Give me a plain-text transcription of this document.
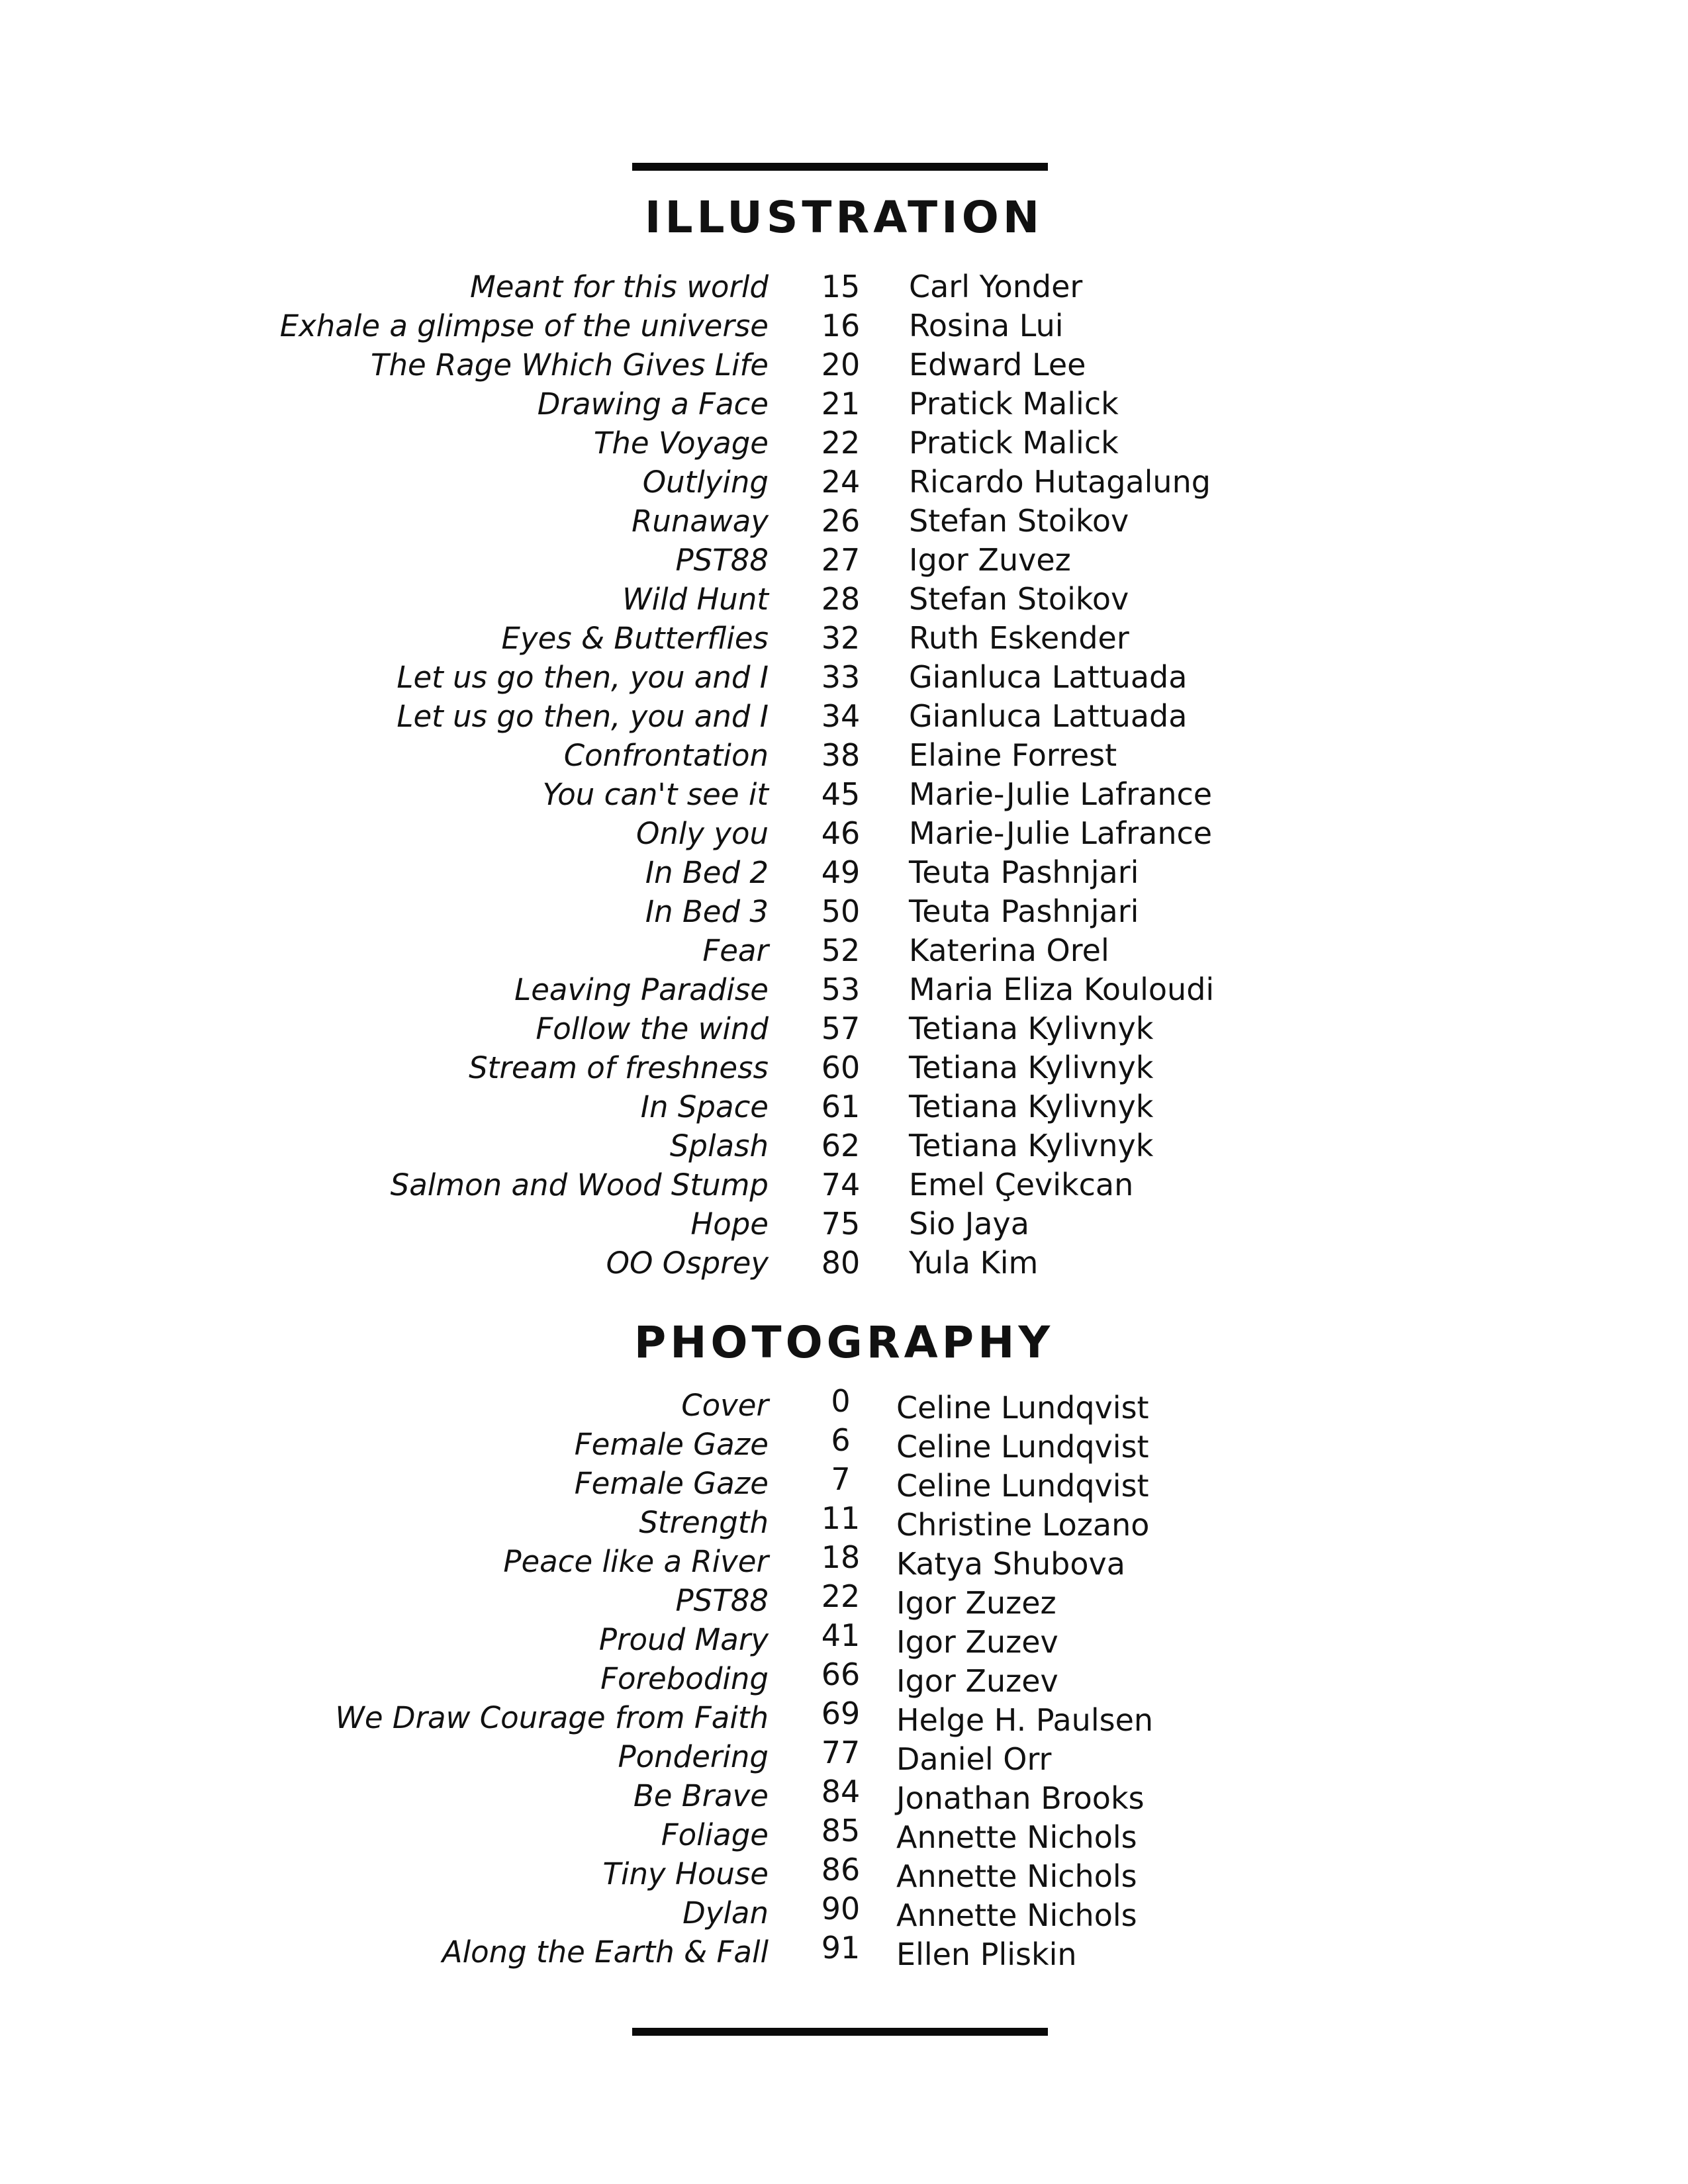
ILLUSTRATION
Meant for this world	15	Carl Yonder
Exhale a glimpse of the universe	16	Rosina Lui
The Rage Which Gives Life	20	Edward Lee
Drawing a Face	21	Pratick Malick
The Voyage	22	Pratick Malick
Outlying	24	Ricardo Hutagalung
Runaway	26	Stefan Stoikov
PST88	27	Igor Zuvez
Wild Hunt	28	Stefan Stoikov
Eyes & Butterflies	32	Ruth Eskender
Let us go then, you and I	33	Gianluca Lattuada
Let us go then, you and I	34	Gianluca Lattuada
Confrontation	38	Elaine Forrest
You can't see it	45	Marie-Julie Lafrance
Only you	46	Marie-Julie Lafrance
In Bed 2	49	Teuta Pashnjari
In Bed 3	50	Teuta Pashnjari
Fear	52	Katerina Orel
Leaving Paradise	53	Maria Eliza Kouloudi
Follow the wind	57	Tetiana Kylivnyk
Stream of freshness	60	Tetiana Kylivnyk
In Space	61	Tetiana Kylivnyk
Splash	62	Tetiana Kylivnyk
Salmon and Wood Stump	74	Emel Çevikcan
Hope	75	Sio Jaya
OO Osprey	80	Yula Kim
PHOTOGRAPHY
Cover	0	Celine Lundqvist
Female Gaze	6	Celine Lundqvist
Female Gaze	7	Celine Lundqvist
Strength	11	Christine Lozano
Peace like a River	18	Katya Shubova
PST88	22	Igor Zuzez
Proud Mary	41	Igor Zuzev
Foreboding	66	Igor Zuzev
We Draw Courage from Faith	69	Helge H. Paulsen
Pondering	77	Daniel Orr
Be Brave	84	Jonathan Brooks
Foliage	85	Annette Nichols
Tiny House	86	Annette Nichols
Dylan	90	Annette Nichols
Along the Earth & Fall	91	Ellen Pliskin
